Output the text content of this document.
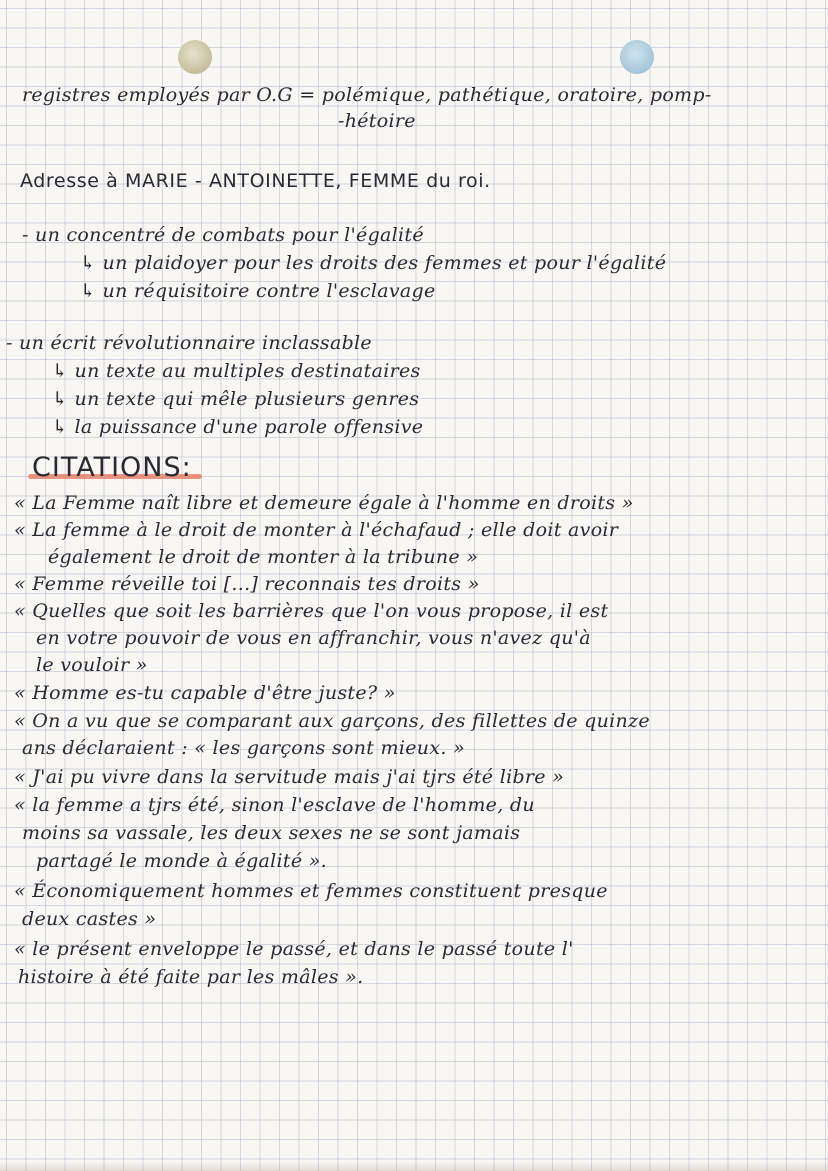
registres employés par O.G = polémique, pathétique, oratoire, pomp-
-hétoire
Adresse à MARIE - ANTOINETTE, FEMME du roi.
- un concentré de combats pour l'égalité
↳ un plaidoyer pour les droits des femmes et pour l'égalité
↳ un réquisitoire contre l'esclavage
- un écrit révolutionnaire inclassable
↳ un texte au multiples destinataires
↳ un texte qui mêle plusieurs genres
↳ la puissance d'une parole offensive
CITATIONS:
« La Femme naît libre et demeure égale à l'homme en droits »
« La femme à le droit de monter à l'échafaud ; elle doit avoir
également le droit de monter à la tribune »
« Femme réveille toi [...] reconnais tes droits »
« Quelles que soit les barrières que l'on vous propose, il est
en votre pouvoir de vous en affranchir, vous n'avez qu'à
le vouloir »
« Homme es-tu capable d'être juste? »
« On a vu que se comparant aux garçons, des fillettes de quinze
ans déclaraient : « les garçons sont mieux. »
« J'ai pu vivre dans la servitude mais j'ai tjrs été libre »
« la femme a tjrs été, sinon l'esclave de l'homme, du
moins sa vassale, les deux sexes ne se sont jamais
partagé le monde à égalité ».
« Économiquement hommes et femmes constituent presque
deux castes »
« le présent enveloppe le passé, et dans le passé toute l'
histoire à été faite par les mâles ».
